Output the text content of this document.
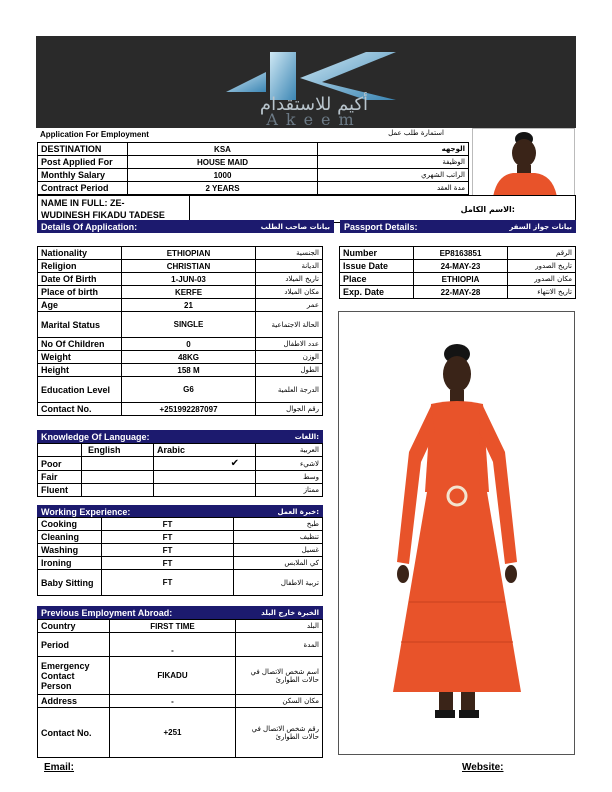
أكيم للاستقدام
Akeem
Application For Employment	استمارة طلب عمل
DESTINATION	KSA	الوجهه
Post Applied For	HOUSE MAID	الوظيفة
Monthly Salary	1000	الراتب الشهري
Contract Period	2 YEARS	مدة العقد
NAME IN FULL: ZE-
WUDINESH FIKADU TADESE
	الاسم الكامل:
Details Of Application:	بيانات صاحب الطلب Passport Details:	بيانات جواز السفر
Nationality	ETHIOPIAN	الجنسية
Religion	CHRISTIAN	الديانة
Date Of Birth	1-JUN-03	تاريخ الميلاد
Place of birth	KERFE	مكان الميلاد
Age	21	عمر
Marital Status	SINGLE	الحالة الاجتماعية
No Of Children	0	عدد الاطفال
Weight	48KG	الوزن
Height	158 M	الطول
Education Level	G6	الدرجة العلمية
Contact No.	+251992287097	رقم الجوال
Number	EP8163851	الرقم
Issue Date	24-MAY-23	تاريخ الصدور
Place	ETHIOPIA	مكان الصدور
Exp. Date	22-MAY-28	تاريخ الانتهاء
Knowledge Of Language:	اللغات:
	English	Arabic	العربية
Poor		✔	لاشيء
Fair			وسط
Fluent			ممتاز
Working Experience:	خبرة العمل:
Cooking	FT	طبخ
Cleaning	FT	تنظيف
Washing	FT	غسيل
Ironing	FT	كي الملابس
Baby Sitting	FT	تربية الاطفال
Previous Employment Abroad:	الخبرة خارج البلد
Country	FIRST TIME	البلد
Period	-	المدة
Emergency Contact Person	FIKADU	اسم شخص الاتصال في حالات الطوارئ
Address	-	مكان السكن
Contact No.	+251	رقم شخص الاتصال في حالات الطوارئ
Email:	Website:
